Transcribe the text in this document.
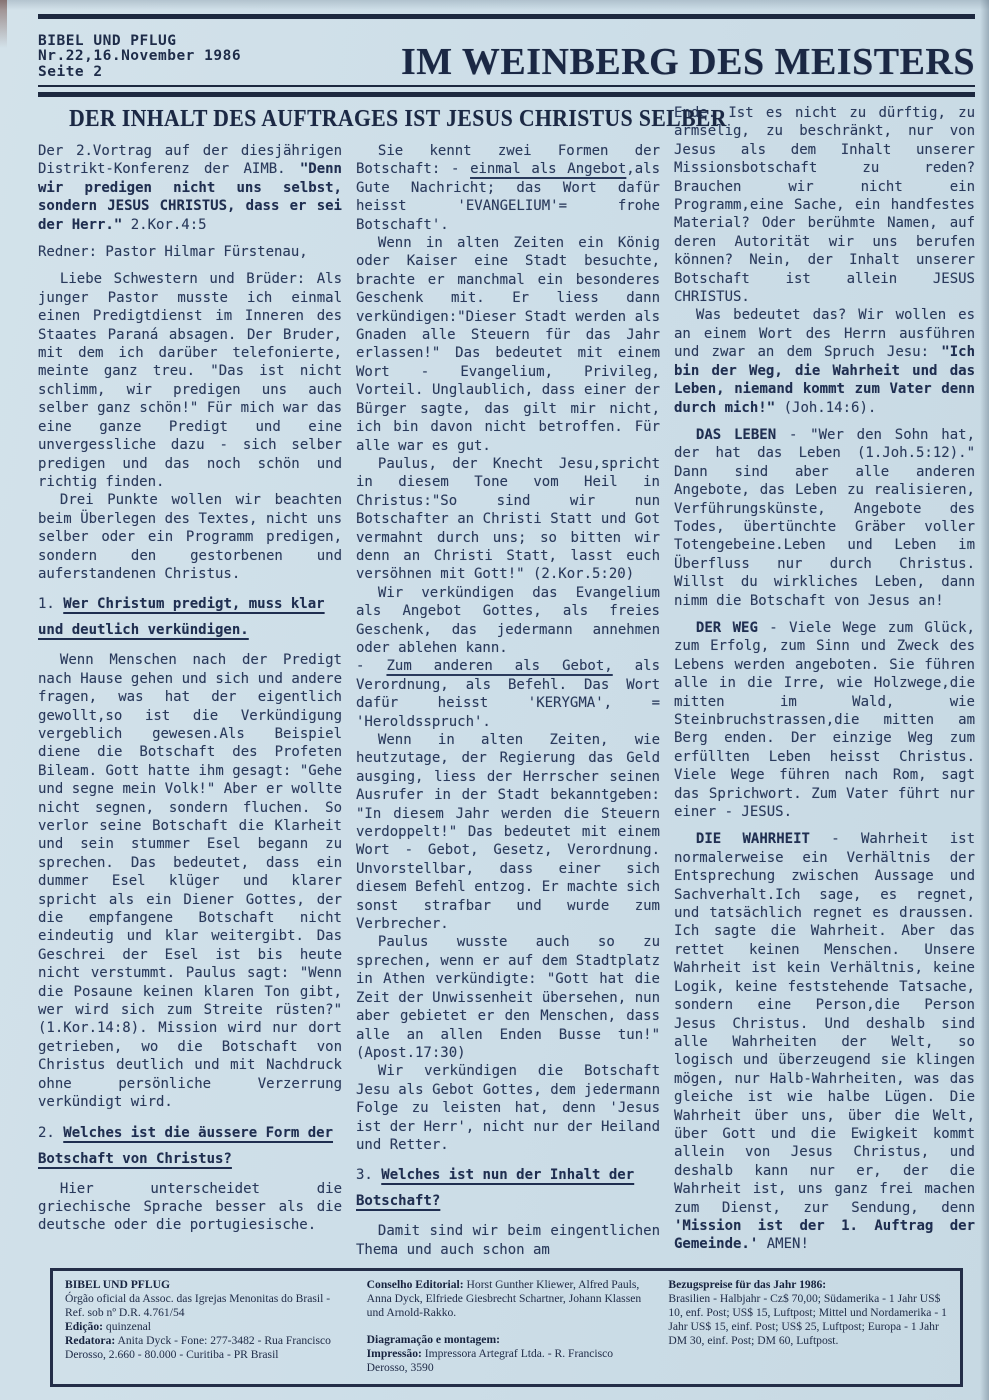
BIBEL UND PFLUG
Nr.22,16.November 1986
Seite 2	IM WEINBERG DES MEISTERS
DER INHALT DES AUFTRAGES IST JESUS CHRISTUS SELBER

Der 2.Vortrag auf der diesjährigen Distrikt-Konferenz der AIMB. "Denn wir predigen nicht uns selbst, sondern JESUS CHRISTUS, dass er sei der Herr." 2.Kor.4:5

Redner: Pastor Hilmar Fürstenau,

Liebe Schwestern und Brüder: Als junger Pastor musste ich einmal einen Predigtdienst im Inneren des Staates Paraná absagen. Der Bruder, mit dem ich darüber telefonierte, meinte ganz treu. "Das ist nicht schlimm, wir predigen uns auch selber ganz schön!" Für mich war das eine ganze Predigt und eine unvergessliche dazu - sich selber predigen und das noch schön und richtig finden.

Drei Punkte wollen wir beachten beim Überlegen des Textes, nicht uns selber oder ein Programm predigen, sondern den gestorbenen und auferstandenen Christus.

1. Wer Christum predigt, muss klar und deutlich verkündigen.

Wenn Menschen nach der Predigt nach Hause gehen und sich und andere fragen, was hat der eigentlich gewollt,so ist die Verkündigung vergeblich gewesen.Als Beispiel diene die Botschaft des Profeten Bileam. Gott hatte ihm gesagt: "Gehe und segne mein Volk!" Aber er wollte nicht segnen, sondern fluchen. So verlor seine Botschaft die Klarheit und sein stummer Esel begann zu sprechen. Das bedeutet, dass ein dummer Esel klüger und klarer spricht als ein Diener Gottes, der die empfangene Botschaft nicht eindeutig und klar weitergibt. Das Geschrei der Esel ist bis heute nicht verstummt. Paulus sagt: "Wenn die Posaune keinen klaren Ton gibt, wer wird sich zum Streite rüsten?"(1.Kor.14:8). Mission wird nur dort getrieben, wo die Botschaft von Christus deutlich und mit Nachdruck ohne persönliche Verzerrung verkündigt wird.

2. Welches ist die äussere Form der Botschaft von Christus?

Hier unterscheidet die griechische Sprache besser als die deutsche oder die portugiesische.

Sie kennt zwei Formen der Botschaft: - einmal als Angebot,als Gute Nachricht; das Wort dafür heisst 'EVANGELIUM'= frohe Botschaft'.

Wenn in alten Zeiten ein König oder Kaiser eine Stadt besuchte, brachte er manchmal ein besonderes Geschenk mit. Er liess dann verkündigen:"Dieser Stadt werden als Gnaden alle Steuern für das Jahr erlassen!" Das bedeutet mit einem Wort - Evangelium, Privileg, Vorteil. Unglaublich, dass einer der Bürger sagte, das gilt mir nicht, ich bin davon nicht betroffen. Für alle war es gut.

Paulus, der Knecht Jesu,spricht in diesem Tone vom Heil in Christus:"So sind wir nun Botschafter an Christi Statt und Got vermahnt durch uns; so bitten wir denn an Christi Statt, lasst euch versöhnen mit Gott!" (2.Kor.5:20)

Wir verkündigen das Evangelium als Angebot Gottes, als freies Geschenk, das jedermann annehmen oder ablehen kann.

- Zum anderen als Gebot, als Verordnung, als Befehl. Das Wort dafür heisst 'KERYGMA', = 'Heroldsspruch'.

Wenn in alten Zeiten, wie heutzutage, der Regierung das Geld ausging, liess der Herrscher seinen Ausrufer in der Stadt bekanntgeben: "In diesem Jahr werden die Steuern verdoppelt!" Das bedeutet mit einem Wort - Gebot, Gesetz, Verordnung. Unvorstellbar, dass einer sich diesem Befehl entzog. Er machte sich sonst strafbar und wurde zum Verbrecher.

Paulus wusste auch so zu sprechen, wenn er auf dem Stadtplatz in Athen verkündigte: "Gott hat die Zeit der Unwissenheit übersehen, nun aber gebietet er den Menschen, dass alle an allen Enden Busse tun!" (Apost.17:30)

Wir verkündigen die Botschaft Jesu als Gebot Gottes, dem jedermann Folge zu leisten hat, denn 'Jesus ist der Herr', nicht nur der Heiland und Retter.

3. Welches ist nun der Inhalt der Botschaft?

Damit sind wir beim eingentlichen Thema und auch schon am

Ende. Ist es nicht zu dürftig, zu armselig, zu beschränkt, nur von Jesus als dem Inhalt unserer Missionsbotschaft zu reden? Brauchen wir nicht ein Programm,eine Sache, ein handfestes Material? Oder berühmte Namen, auf deren Autorität wir uns berufen können? Nein, der Inhalt unserer Botschaft ist allein JESUS CHRISTUS.

Was bedeutet das? Wir wollen es an einem Wort des Herrn ausführen und zwar an dem Spruch Jesu: "Ich bin der Weg, die Wahrheit und das Leben, niemand kommt zum Vater denn durch mich!" (Joh.14:6).

DAS LEBEN - "Wer den Sohn hat, der hat das Leben (1.Joh.5:12)." Dann sind aber alle anderen Angebote, das Leben zu realisieren, Verführungskünste, Angebote des Todes, übertünchte Gräber voller Totengebeine.Leben und Leben im Überfluss nur durch Christus. Willst du wirkliches Leben, dann nimm die Botschaft von Jesus an!

DER WEG - Viele Wege zum Glück, zum Erfolg, zum Sinn und Zweck des Lebens werden angeboten. Sie führen alle in die Irre, wie Holzwege,die mitten im Wald, wie Steinbruchstrassen,die mitten am Berg enden. Der einzige Weg zum erfüllten Leben heisst Christus. Viele Wege führen nach Rom, sagt das Sprichwort. Zum Vater führt nur einer - JESUS.

DIE WAHRHEIT - Wahrheit ist normalerweise ein Verhältnis der Entsprechung zwischen Aussage und Sachverhalt.Ich sage, es regnet, und tatsächlich regnet es draussen. Ich sagte die Wahrheit. Aber das rettet keinen Menschen. Unsere Wahrheit ist kein Verhältnis, keine Logik, keine feststehende Tatsache, sondern eine Person,die Person Jesus Christus. Und deshalb sind alle Wahrheiten der Welt, so logisch und überzeugend sie klingen mögen, nur Halb-Wahrheiten, was das gleiche ist wie halbe Lügen. Die Wahrheit über uns, über die Welt, über Gott und die Ewigkeit kommt allein von Jesus Christus, und deshalb kann nur er, der die Wahrheit ist, uns ganz frei machen zum Dienst, zur Sendung, denn 'Mission ist der 1. Auftrag der Gemeinde.' AMEN!

BIBEL UND PFLUG

Órgão oficial da Assoc. das Igrejas Menonitas do Brasil - Ref. sob nº D.R. 4.761/54

Edição: quinzenal

Redatora: Anita Dyck - Fone: 277-3482 - Rua Francisco Derosso, 2.660 - 80.000 - Curitiba - PR Brasil

Conselho Editorial: Horst Gunther Kliewer, Alfred Pauls, Anna Dyck, Elfriede Giesbrecht Schartner, Johann Klassen und Arnold-Rakko.

Diagramação e montagem:

Impressão: Impressora Artegraf Ltda. - R. Francisco Derosso, 3590

Bezugspreise für das Jahr 1986:

Brasilien - Halbjahr - Cz$ 70,00; Südamerika - 1 Jahr US$ 10, enf. Post; US$ 15, Luftpost; Mittel und Nordamerika - 1 Jahr US$ 15, einf. Post; US$ 25, Luftpost; Europa - 1 Jahr DM 30, einf. Post; DM 60, Luftpost.
